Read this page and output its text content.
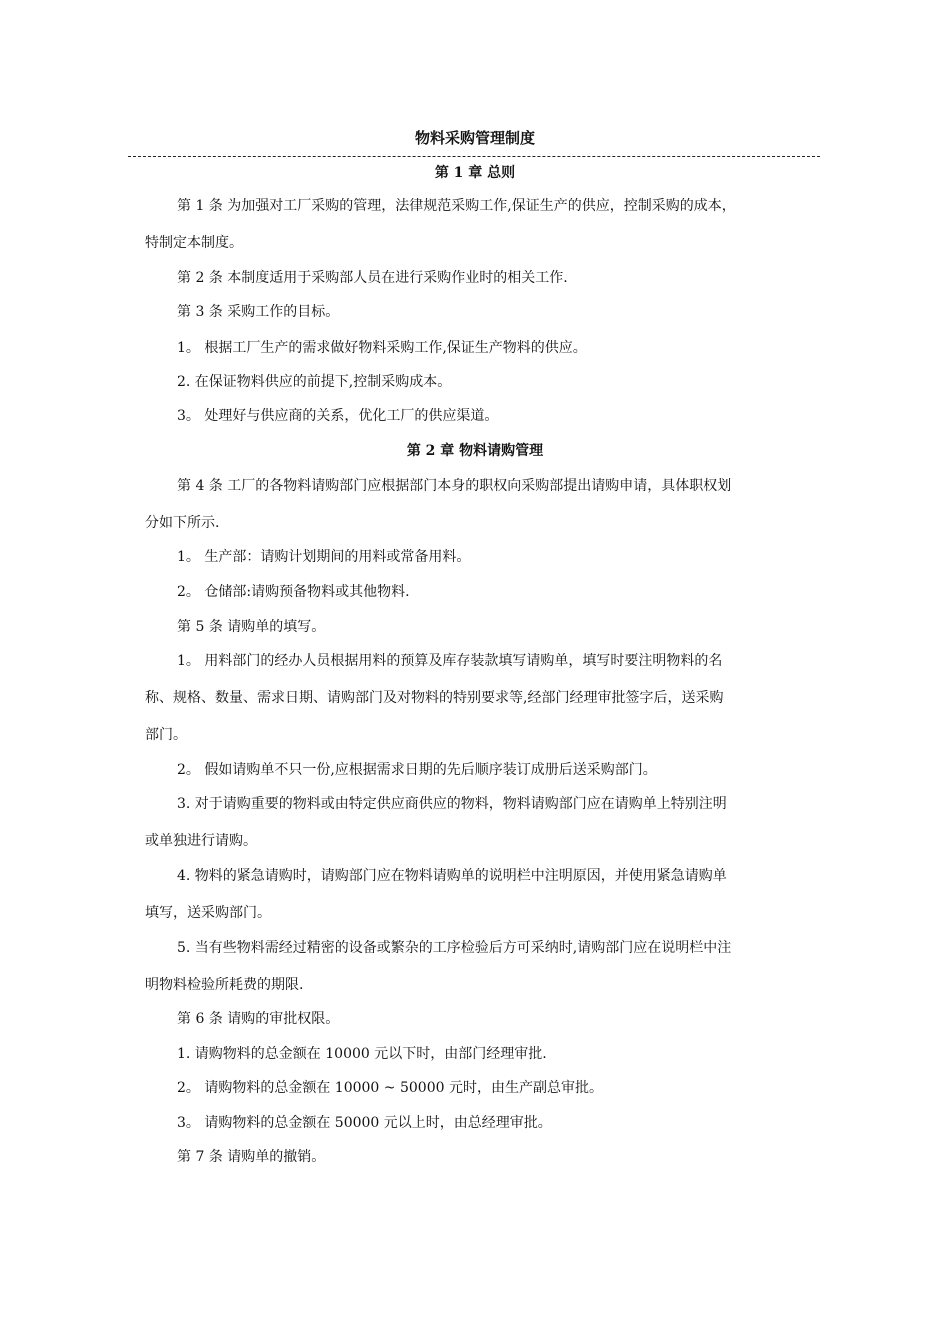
物料采购管理制度
第 1 章 总则
第 1 条 为加强对工厂采购的管理，法律规范采购工作,保证生产的供应，控制采购的成本，
特制定本制度。
第 2 条 本制度适用于采购部人员在进行采购作业时的相关工作.
第 3 条 采购工作的目标。
1。 根据工厂生产的需求做好物料采购工作,保证生产物料的供应。
2. 在保证物料供应的前提下,控制采购成本。
3。 处理好与供应商的关系，优化工厂的供应渠道。
第 2 章 物料请购管理
第 4 条 工厂的各物料请购部门应根据部门本身的职权向采购部提出请购申请，具体职权划
分如下所示.
1。 生产部：请购计划期间的用料或常备用料。
2。 仓储部:请购预备物料或其他物料.
第 5 条 请购单的填写。
1。 用料部门的经办人员根据用料的预算及库存装款填写请购单，填写时要注明物料的名
称、规格、数量、需求日期、请购部门及对物料的特别要求等,经部门经理审批签字后，送采购
部门。
2。 假如请购单不只一份,应根据需求日期的先后顺序装订成册后送采购部门。
3. 对于请购重要的物料或由特定供应商供应的物料，物料请购部门应在请购单上特别注明
或单独进行请购。
4. 物料的紧急请购时，请购部门应在物料请购单的说明栏中注明原因，并使用紧急请购单
填写，送采购部门。
5. 当有些物料需经过精密的设备或繁杂的工序检验后方可采纳时,请购部门应在说明栏中注
明物料检验所耗费的期限.
第 6 条 请购的审批权限。
1. 请购物料的总金额在 10000 元以下时，由部门经理审批.
2。 请购物料的总金额在 10000 ~ 50000 元时，由生产副总审批。
3。 请购物料的总金额在 50000 元以上时，由总经理审批。
第 7 条 请购单的撤销。
